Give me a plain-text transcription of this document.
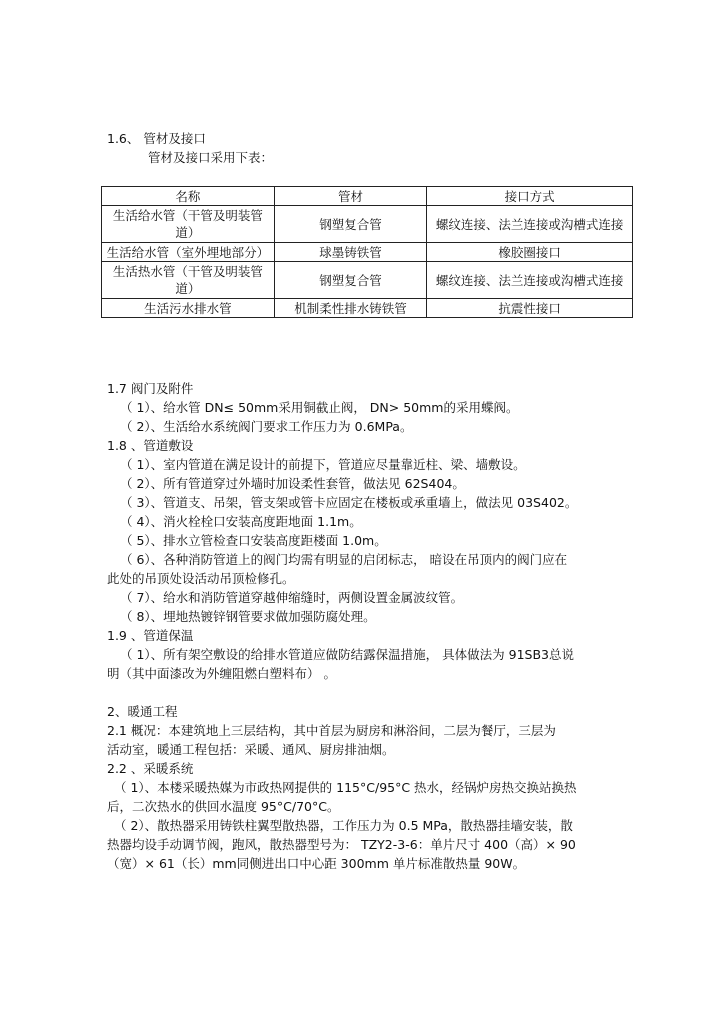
1.6、 管材及接口
管材及接口采用下表：
名称	管材	接口方式
生活给水管（干管及明装管道）	钢塑复合管	螺纹连接、法兰连接或沟槽式连接
生活给水管（室外埋地部分）	球墨铸铁管	橡胶圈接口
生活热水管（干管及明装管道）	钢塑复合管	螺纹连接、法兰连接或沟槽式连接
生活污水排水管	机制柔性排水铸铁管	抗震性接口
1.7 阀门及附件
（ 1）、给水管 DN≤ 50mm采用铜截止阀， DN> 50mm的采用蝶阀。
（ 2）、生活给水系统阀门要求工作压力为 0.6MPa。
1.8 、管道敷设
（ 1）、室内管道在满足设计的前提下，管道应尽量靠近柱、梁、墙敷设。
（ 2）、所有管道穿过外墙时加设柔性套管，做法见 62S404。
（ 3）、管道支、吊架，管支架或管卡应固定在楼板或承重墙上，做法见 03S402。
（ 4）、消火栓栓口安装高度距地面 1.1m。
（ 5）、排水立管检查口安装高度距楼面 1.0m。
（ 6）、各种消防管道上的阀门均需有明显的启闭标志， 暗设在吊顶内的阀门应在
此处的吊顶处设活动吊顶检修孔。
（ 7）、给水和消防管道穿越伸缩缝时，两侧设置金属波纹管。
（ 8）、埋地热镀锌钢管要求做加强防腐处理。
1.9 、管道保温
（ 1）、所有架空敷设的给排水管道应做防结露保温措施， 具体做法为 91SB3总说
明（其中面漆改为外缠阻燃白塑料布） 。
2、暖通工程
2.1 概况：本建筑地上三层结构，其中首层为厨房和淋浴间，二层为餐厅，三层为
活动室，暖通工程包括：采暖、通风、厨房排油烟。
2.2 、采暖系统
（ 1）、本楼采暖热媒为市政热网提供的 115°C/95°C 热水，经锅炉房热交换站换热
后，二次热水的供回水温度 95°C/70°C。
（ 2）、散热器采用铸铁柱翼型散热器，工作压力为 0.5 MPa，散热器挂墙安装，散
热器均设手动调节阀，跑风，散热器型号为： TZY2-3-6：单片尺寸 400（高）× 90
（宽）× 61（长）mm同侧进出口中心距 300mm 单片标准散热量 90W。
